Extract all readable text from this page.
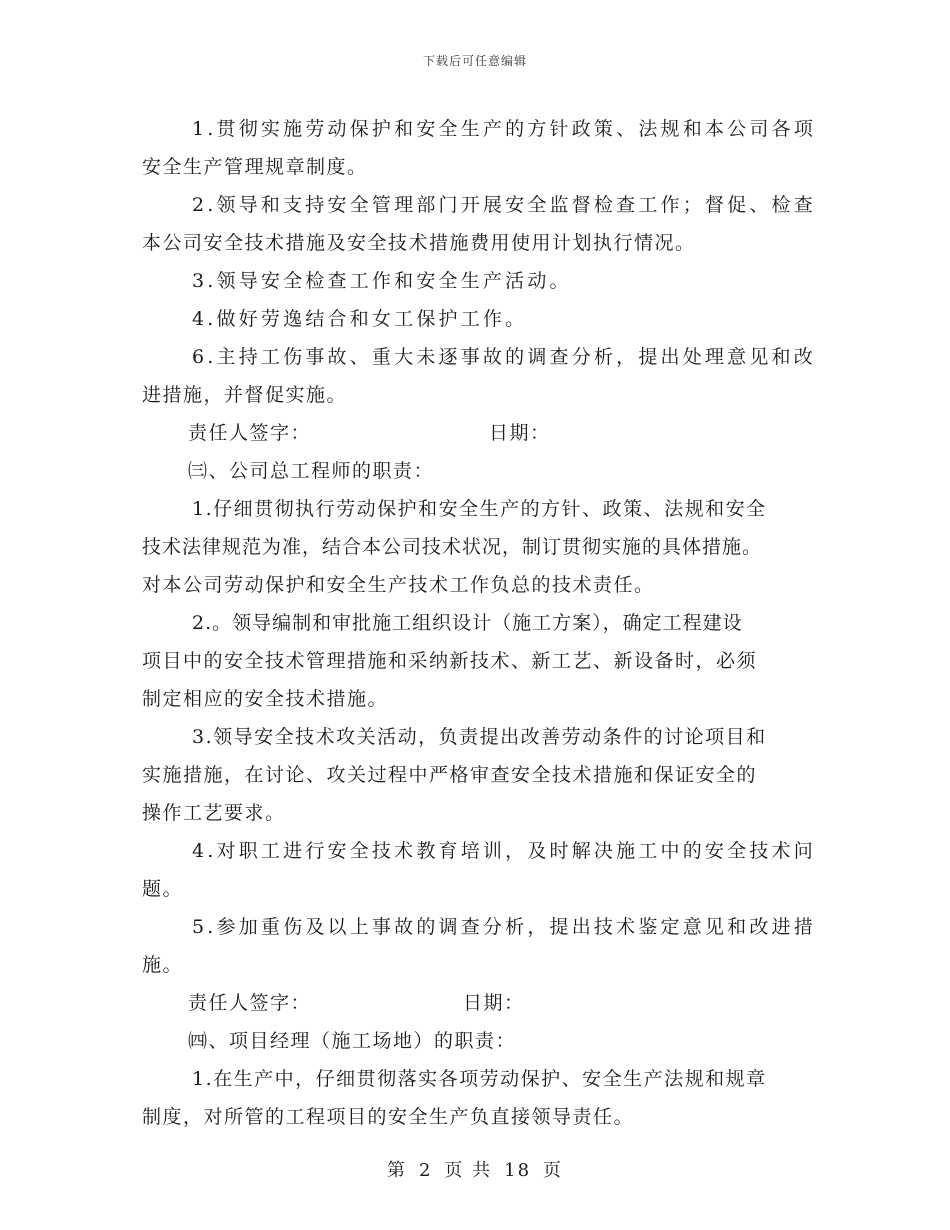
下载后可任意编辑
1.贯彻实施劳动保护和安全生产的方针政策、法规和本公司各项
安全生产管理规章制度。
2.领导和支持安全管理部门开展安全监督检查工作；督促、检查
本公司安全技术措施及安全技术措施费用使用计划执行情况。
3.领导安全检查工作和安全生产活动。
4.做好劳逸结合和女工保护工作。
6.主持工伤事故、重大未逐事故的调查分析，提出处理意见和改
进措施，并督促实施。
责任人签字：	日期：
㈢、公司总工程师的职责：
1.仔细贯彻执行劳动保护和安全生产的方针、政策、法规和安全
技术法律规范为准，结合本公司技术状况，制订贯彻实施的具体措施。
对本公司劳动保护和安全生产技术工作负总的技术责任。
2.。领导编制和审批施工组织设计（施工方案），确定工程建设
项目中的安全技术管理措施和采纳新技术、新工艺、新设备时，必须
制定相应的安全技术措施。
3.领导安全技术攻关活动，负责提出改善劳动条件的讨论项目和
实施措施，在讨论、攻关过程中严格审查安全技术措施和保证安全的
操作工艺要求。
4.对职工进行安全技术教育培训，及时解决施工中的安全技术问
题。
5.参加重伤及以上事故的调查分析，提出技术鉴定意见和改进措
施。
责任人签字：	日期：
㈣、项目经理（施工场地）的职责：
1.在生产中，仔细贯彻落实各项劳动保护、安全生产法规和规章
制度，对所管的工程项目的安全生产负直接领导责任。
第 2 页 共 18 页
